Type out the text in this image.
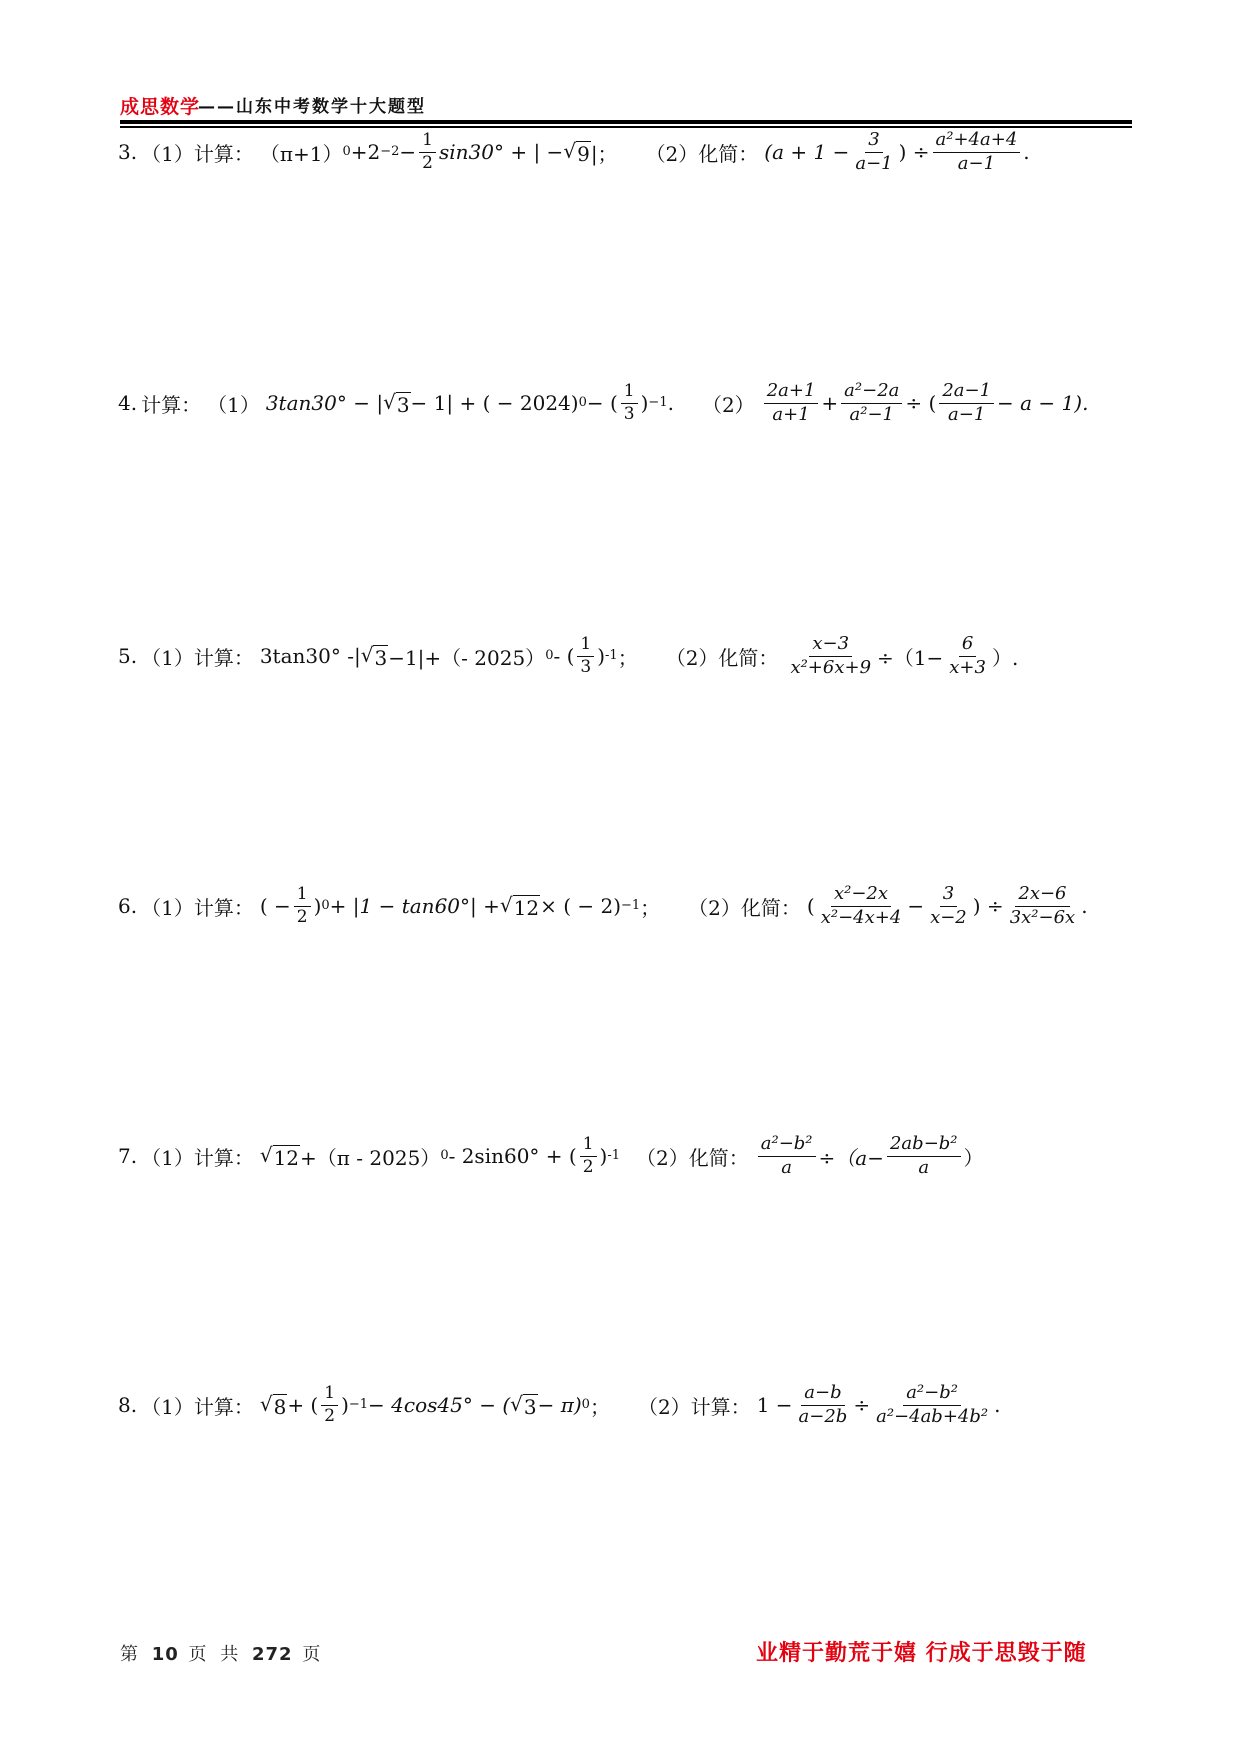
成思数学
——山东中考数学十大题型
3. （1）计算： （π+1） $0 +2 -2 - \frac{1}{2} \sin 30^\circ$ + | − √ 9 |； （2）化简： ($a + 1 - \frac{3}{a-1}$ ) ÷ $\frac{\text{a²+4a+4}}{a-1}$ .
4. 计算： （1） 3tan30° − | √ 3 − 1| + ( − 2024) 0 − ( $\frac{1}{3}$ ) −1 . $(2) \frac{2a+1}{a+1} + \frac{\text{a²−2a}}{\text{a²−1}}$ ÷ ( $\frac{2a-1}{a-1} - a - 1$).
5. （1）计算： 3tan30° -| √ 3 −1|+（- 2025） 0 - ( $\frac{1}{3}$ ) -1 ； （2）化简： $\frac{x-3}{\text{x²+6x+9}} \div(1- \frac{6}{x+3}$ ）.
6. （1）计算： ( − $\frac{1}{2}$ ) 0 + |1 − tan60°| + √ 12 × ( − 2) −1 ； （2）化简： ( $\frac{\text{x²−2x}}{\text{x²−4x+4}} - \frac{3}{x-2}$ ) ÷ $\frac{2x-6}{\text{3x²−6x}}$ .
7. （1）计算： √ 12 +（π - 2025） 0 - 2sin60° + ( $\frac{1}{2}$ ) -1 （2）化简： $\frac{\text{a²−b²}}{a} \div(a- \frac{\text{2ab−b²}}{a}$ ）
8. （1）计算： √ 8 + ( $\frac{1}{2}$ ) −1 − 4cos45° − ( √ 3 − π) 0 ； （2）计算： $1 - \frac{a-b}{a-2b} \div \frac{\text{a²−b²}}{\text{a²−4ab+4b²}}$ .
第 10 页 共 272 页	业精于勤荒于嬉 行成于思毁于随
